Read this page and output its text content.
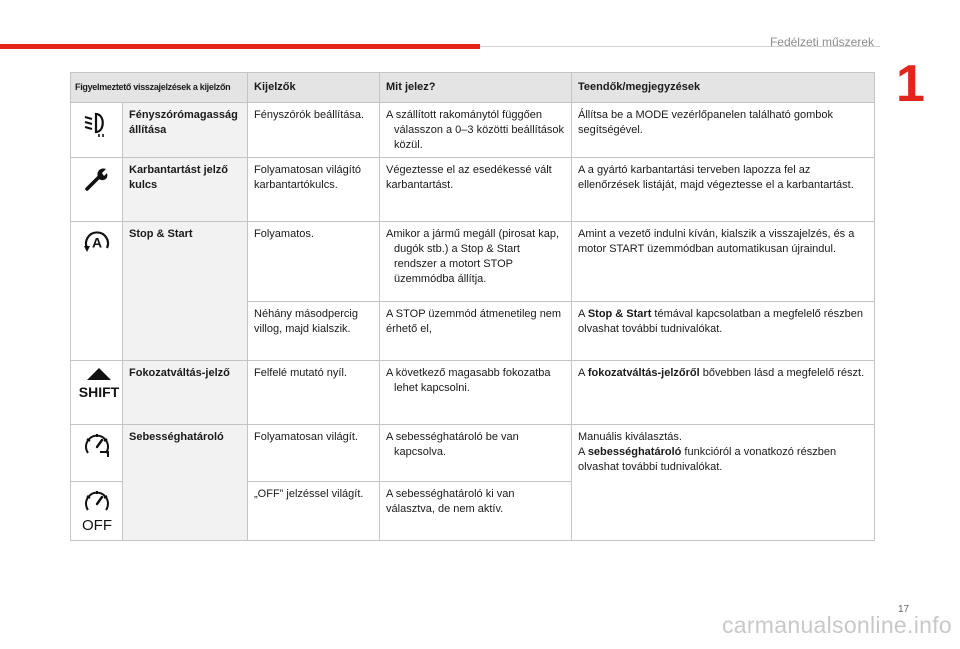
Fedélzeti műszerek
1
Figyelmeztető visszajelzések a kijelzőn		Kijelzők	Mit jelez?	Teendők/megjegyzések

	Fényszórómagasság állítása	Fényszórók beállítása.	A szállított rakománytól függően válasszon a 0–3 közötti beállítások közül.	Állítsa be a MODE vezérlőpanelen található gombok segítségével.

	Karbantartást jelző kulcs	Folyamatosan világító karbantartókulcs.	Végeztesse el az esedékessé vált karbantartást.	A a gyártó karbantartási terveben lapozza fel az ellenőrzések listáját, majd végeztesse el a karbantartást.

A	Stop & Start	Folyamatos.	Amikor a jármű megáll (pirosat kap, dugók stb.) a Stop & Start rendszer a motort STOP üzemmódba állítja.	Amint a vezető indulni kíván, kialszik a visszajelzés, és a motor START üzemmódban automatikusan újraindul.
		Néhány másodpercig villog, majd kialszik.	A STOP üzemmód átmenetileg nem érhető el,	A Stop & Start témával kapcsolatban a megfelelő részben olvashat további tudnivalókat.

SHIFT	Fokozatváltás-jelző	Felfelé mutató nyíl.	A következő magasabb fokozatba lehet kapcsolni.	A fokozatváltás-jelzőről bővebben lásd a megfelelő részt.

	Sebességhatároló	Folyamatosan világít.	A sebességhatároló be van kapcsolva.	Manuális kiválasztás.
A sebességhatároló funkcióról a vonatkozó részben olvashat további tudnivalókat.

OFF		„OFF” jelzéssel világít.	A sebességhatároló ki van választva, de nem aktív.	
17
carmanualsonline.info
